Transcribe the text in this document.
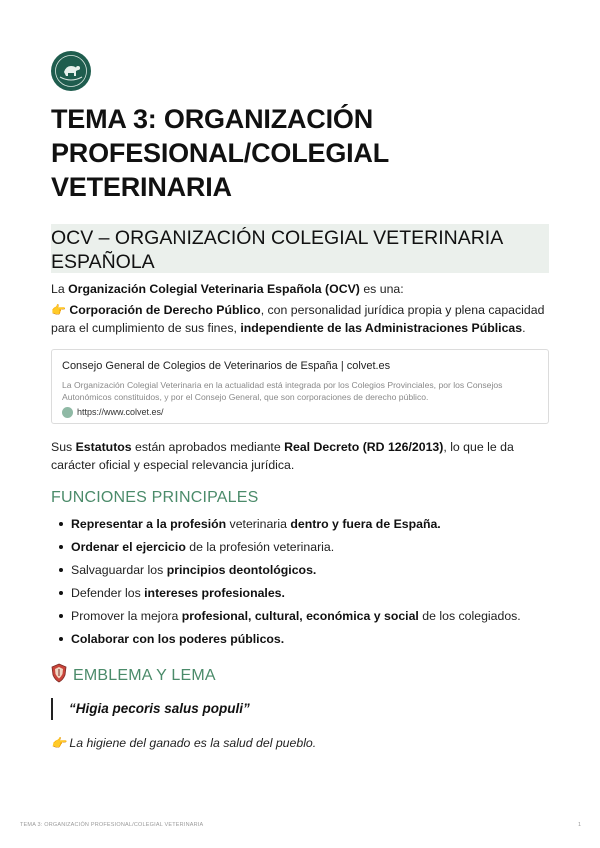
TEMA 3: ORGANIZACIÓN PROFESIONAL/COLEGIAL VETERINARIA
OCV – ORGANIZACIÓN COLEGIAL VETERINARIA ESPAÑOLA

La Organización Colegial Veterinaria Española (OCV) es una:

👉 Corporación de Derecho Público, con personalidad jurídica propia y plena capacidad para el cumplimiento de sus fines, independiente de las Administraciones Públicas.

Consejo General de Colegios de Veterinarios de España | colvet.es
La Organización Colegial Veterinaria en la actualidad está integrada por los Colegios Provinciales, por los Consejos Autonómicos constituidos, y por el Consejo General, que son corporaciones de derecho público.
https://www.colvet.es/

Sus Estatutos están aprobados mediante Real Decreto (RD 126/2013), lo que le da carácter oficial y especial relevancia jurídica.

FUNCIONES PRINCIPALES
Representar a la profesión veterinaria dentro y fuera de España.
Ordenar el ejercicio de la profesión veterinaria.
Salvaguardar los principios deontológicos.
Defender los intereses profesionales.
Promover la mejora profesional, cultural, económica y social de los colegiados.
Colaborar con los poderes públicos.
EMBLEMA Y LEMA
“Higia pecoris salus populi”

👉 La higiene del ganado es la salud del pueblo.

TEMA 3: ORGANIZACIÓN PROFESIONAL/COLEGIAL VETERINARIA	1
